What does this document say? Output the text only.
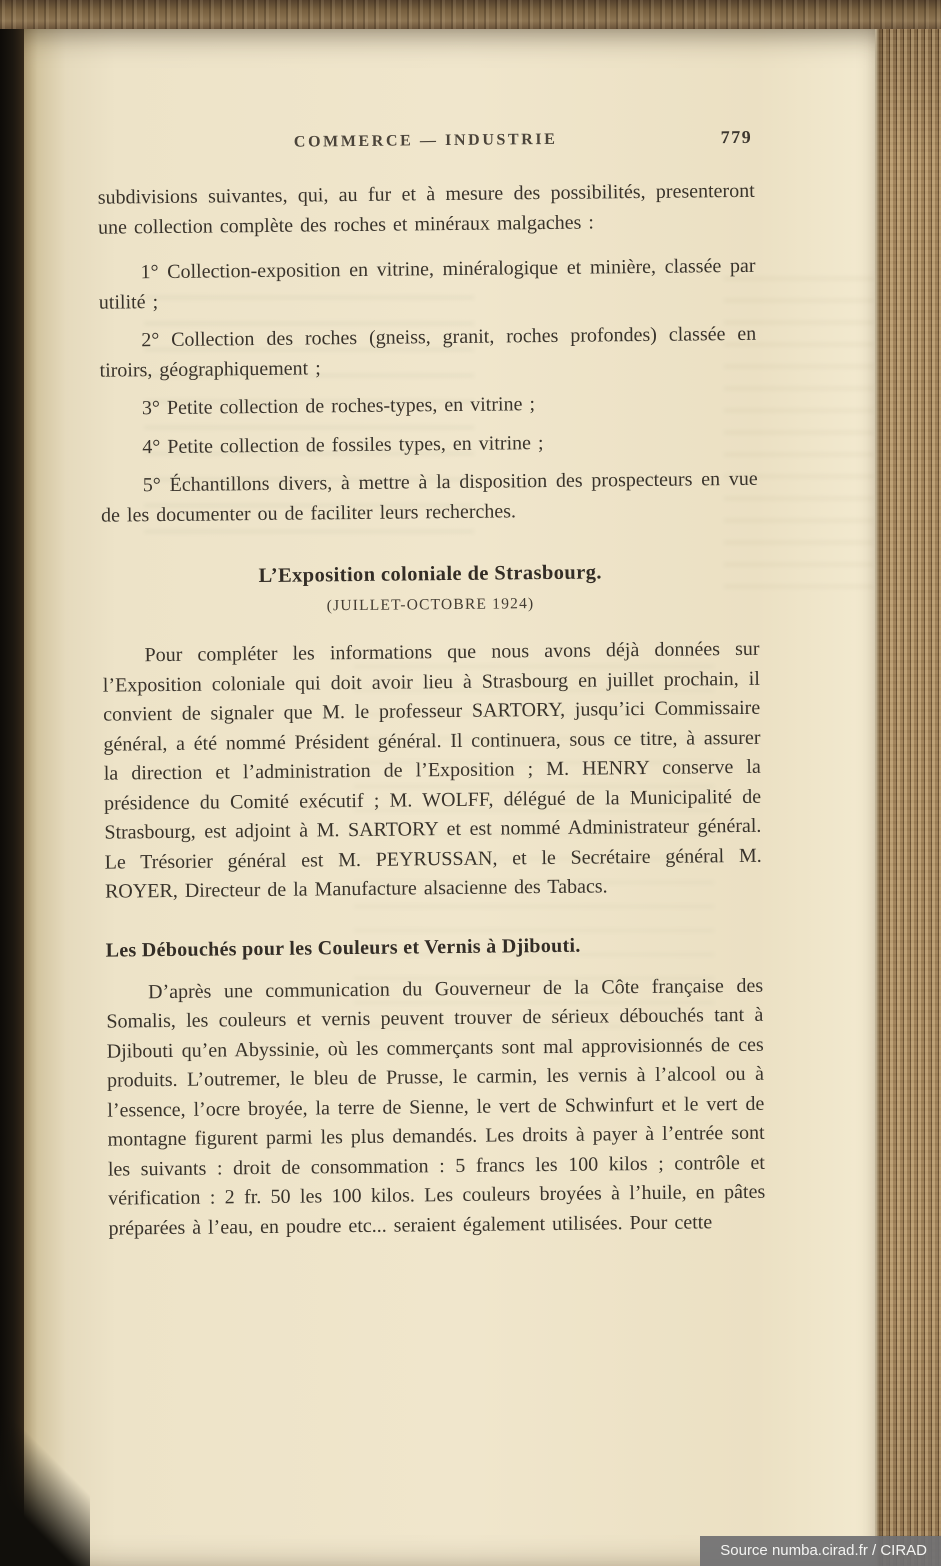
COMMERCE — INDUSTRIE	779

subdivisions suivantes, qui, au fur et à mesure des possibilités, presenteront une collection complète des roches et minéraux malgaches :

1° Collection-exposition en vitrine, minéralogique et minière, classée par utilité ;

2° Collection des roches (gneiss, granit, roches profondes) classée en tiroirs, géographiquement ;

3° Petite collection de roches-types, en vitrine ;

4° Petite collection de fossiles types, en vitrine ;

5° Échantillons divers, à mettre à la disposition des prospecteurs en vue de les documenter ou de faciliter leurs recherches.

L’Exposition coloniale de Strasbourg.
(JUILLET-OCTOBRE 1924)

Pour compléter les informations que nous avons déjà données sur l’Exposition coloniale qui doit avoir lieu à Strasbourg en juillet prochain, il convient de signaler que M. le professeur SARTORY, jusqu’ici Commissaire général, a été nommé Président général. Il continuera, sous ce titre, à assurer la direction et l’administration de l’Exposition ; M. HENRY conserve la présidence du Comité exécutif ; M. WOLFF, délégué de la Municipalité de Strasbourg, est adjoint à M. SARTORY et est nommé Administrateur général. Le Trésorier général est M. PEYRUSSAN, et le Secrétaire général M. ROYER, Directeur de la Manufacture alsacienne des Tabacs.

Les Débouchés pour les Couleurs et Vernis à Djibouti.

D’après une communication du Gouverneur de la Côte française des Somalis, les couleurs et vernis peuvent trouver de sérieux débouchés tant à Djibouti qu’en Abyssinie, où les commerçants sont mal approvisionnés de ces produits. L’outremer, le bleu de Prusse, le carmin, les vernis à l’alcool ou à l’essence, l’ocre broyée, la terre de Sienne, le vert de Schwinfurt et le vert de montagne figurent parmi les plus demandés. Les droits à payer à l’entrée sont les suivants : droit de consommation : 5 francs les 100 kilos ; contrôle et vérification : 2 fr. 50 les 100 kilos. Les couleurs broyées à l’huile, en pâtes préparées à l’eau, en poudre etc... seraient également utilisées. Pour cette

Source numba.cirad.fr / CIRAD
